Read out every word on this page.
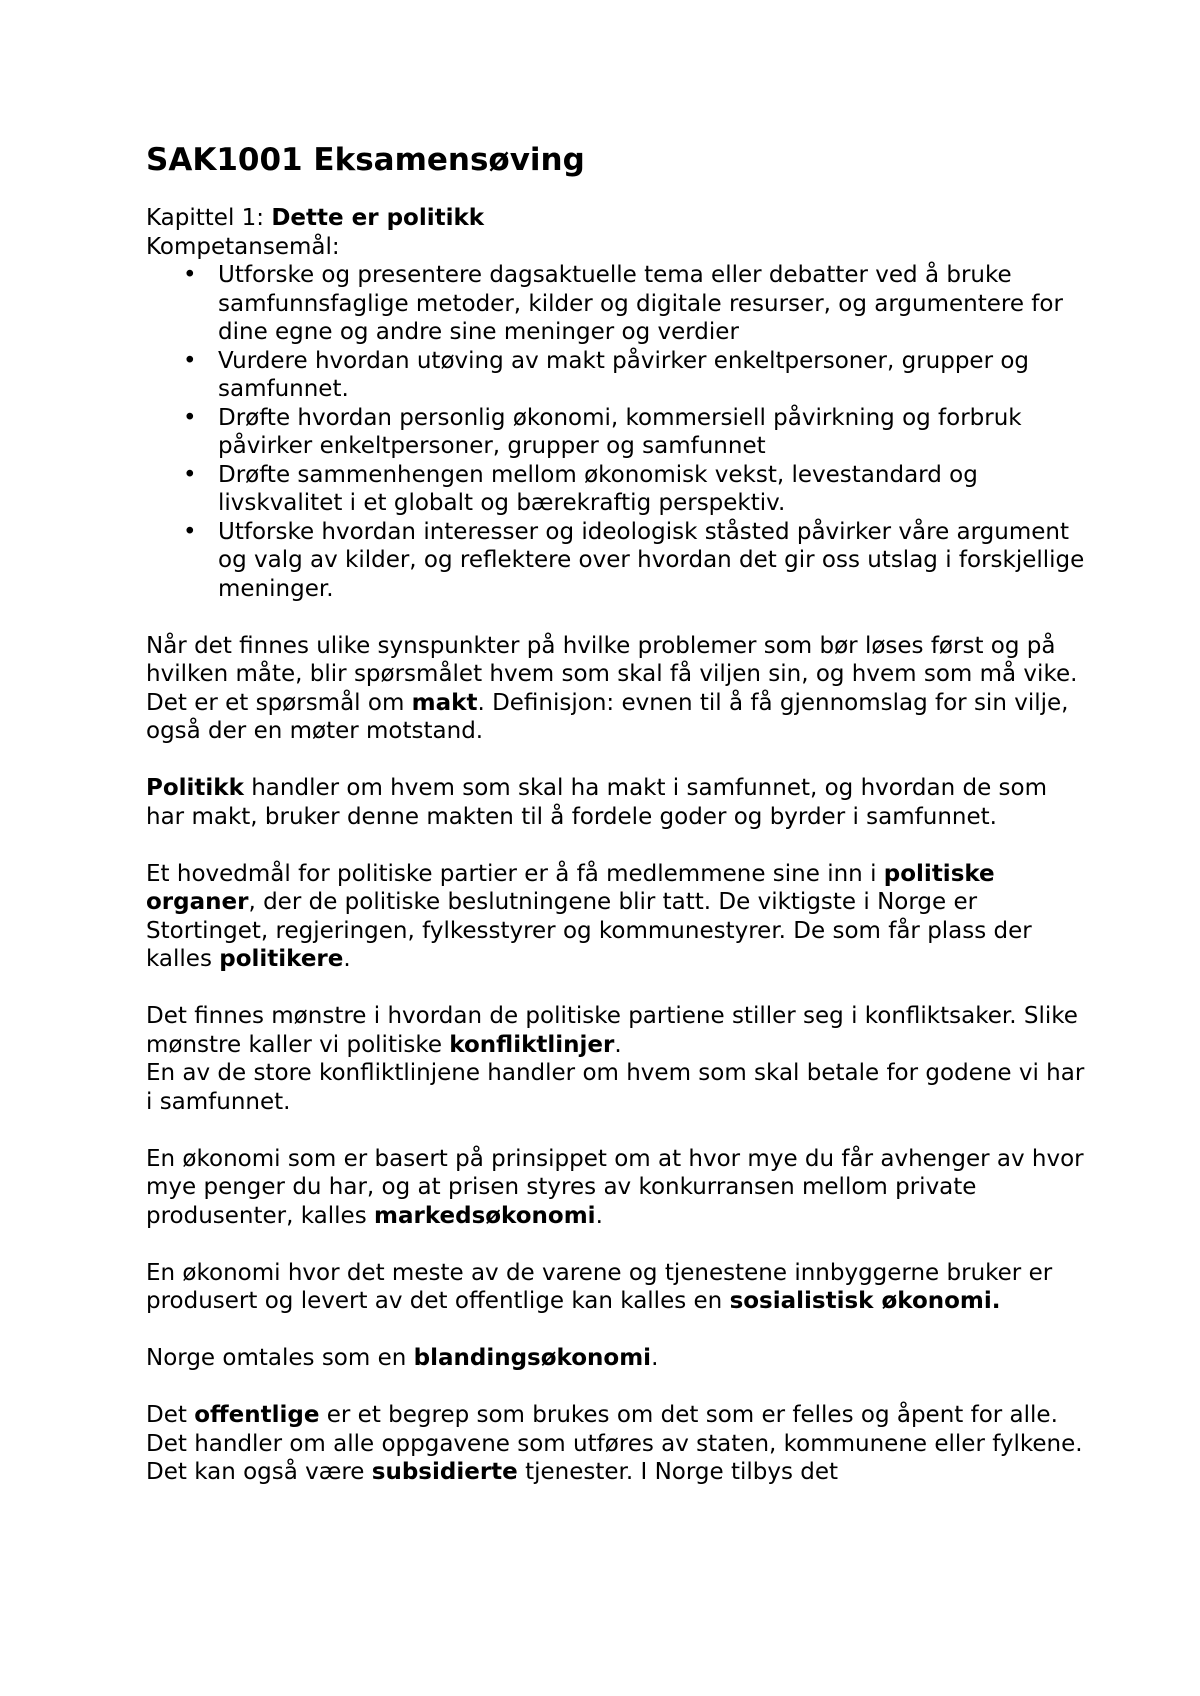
SAK1001 Eksamensøving

Kapittel 1: Dette er politikk

Kompetansemål:

• Utforske og presentere dagsaktuelle tema eller debatter ved å bruke samfunnsfaglige metoder, kilder og digitale resurser, og argumentere for dine egne og andre sine meninger og verdier
• Vurdere hvordan utøving av makt påvirker enkeltpersoner, grupper og samfunnet.
• Drøfte hvordan personlig økonomi, kommersiell påvirkning og forbruk påvirker enkeltpersoner, grupper og samfunnet
• Drøfte sammenhengen mellom økonomisk vekst, levestandard og livskvalitet i et globalt og bærekraftig perspektiv.
• Utforske hvordan interesser og ideologisk ståsted påvirker våre argument og valg av kilder, og reflektere over hvordan det gir oss utslag i forskjellige meninger.

Når det finnes ulike synspunkter på hvilke problemer som bør løses først og på hvilken måte, blir spørsmålet hvem som skal få viljen sin, og hvem som må vike. Det er et spørsmål om makt. Definisjon: evnen til å få gjennomslag for sin vilje, også der en møter motstand.

Politikk handler om hvem som skal ha makt i samfunnet, og hvordan de som har makt, bruker denne makten til å fordele goder og byrder i samfunnet.

Et hovedmål for politiske partier er å få medlemmene sine inn i politiske organer, der de politiske beslutningene blir tatt. De viktigste i Norge er Stortinget, regjeringen, fylkesstyrer og kommunestyrer. De som får plass der kalles politikere.

Det finnes mønstre i hvordan de politiske partiene stiller seg i konfliktsaker. Slike mønstre kaller vi politiske konfliktlinjer.

En av de store konfliktlinjene handler om hvem som skal betale for godene vi har i samfunnet.

En økonomi som er basert på prinsippet om at hvor mye du får avhenger av hvor mye penger du har, og at prisen styres av konkurransen mellom private produsenter, kalles markedsøkonomi.

En økonomi hvor det meste av de varene og tjenestene innbyggerne bruker er produsert og levert av det offentlige kan kalles en sosialistisk økonomi.

Norge omtales som en blandingsøkonomi.

Det offentlige er et begrep som brukes om det som er felles og åpent for alle. Det handler om alle oppgavene som utføres av staten, kommunene eller fylkene. Det kan også være subsidierte tjenester. I Norge tilbys det
